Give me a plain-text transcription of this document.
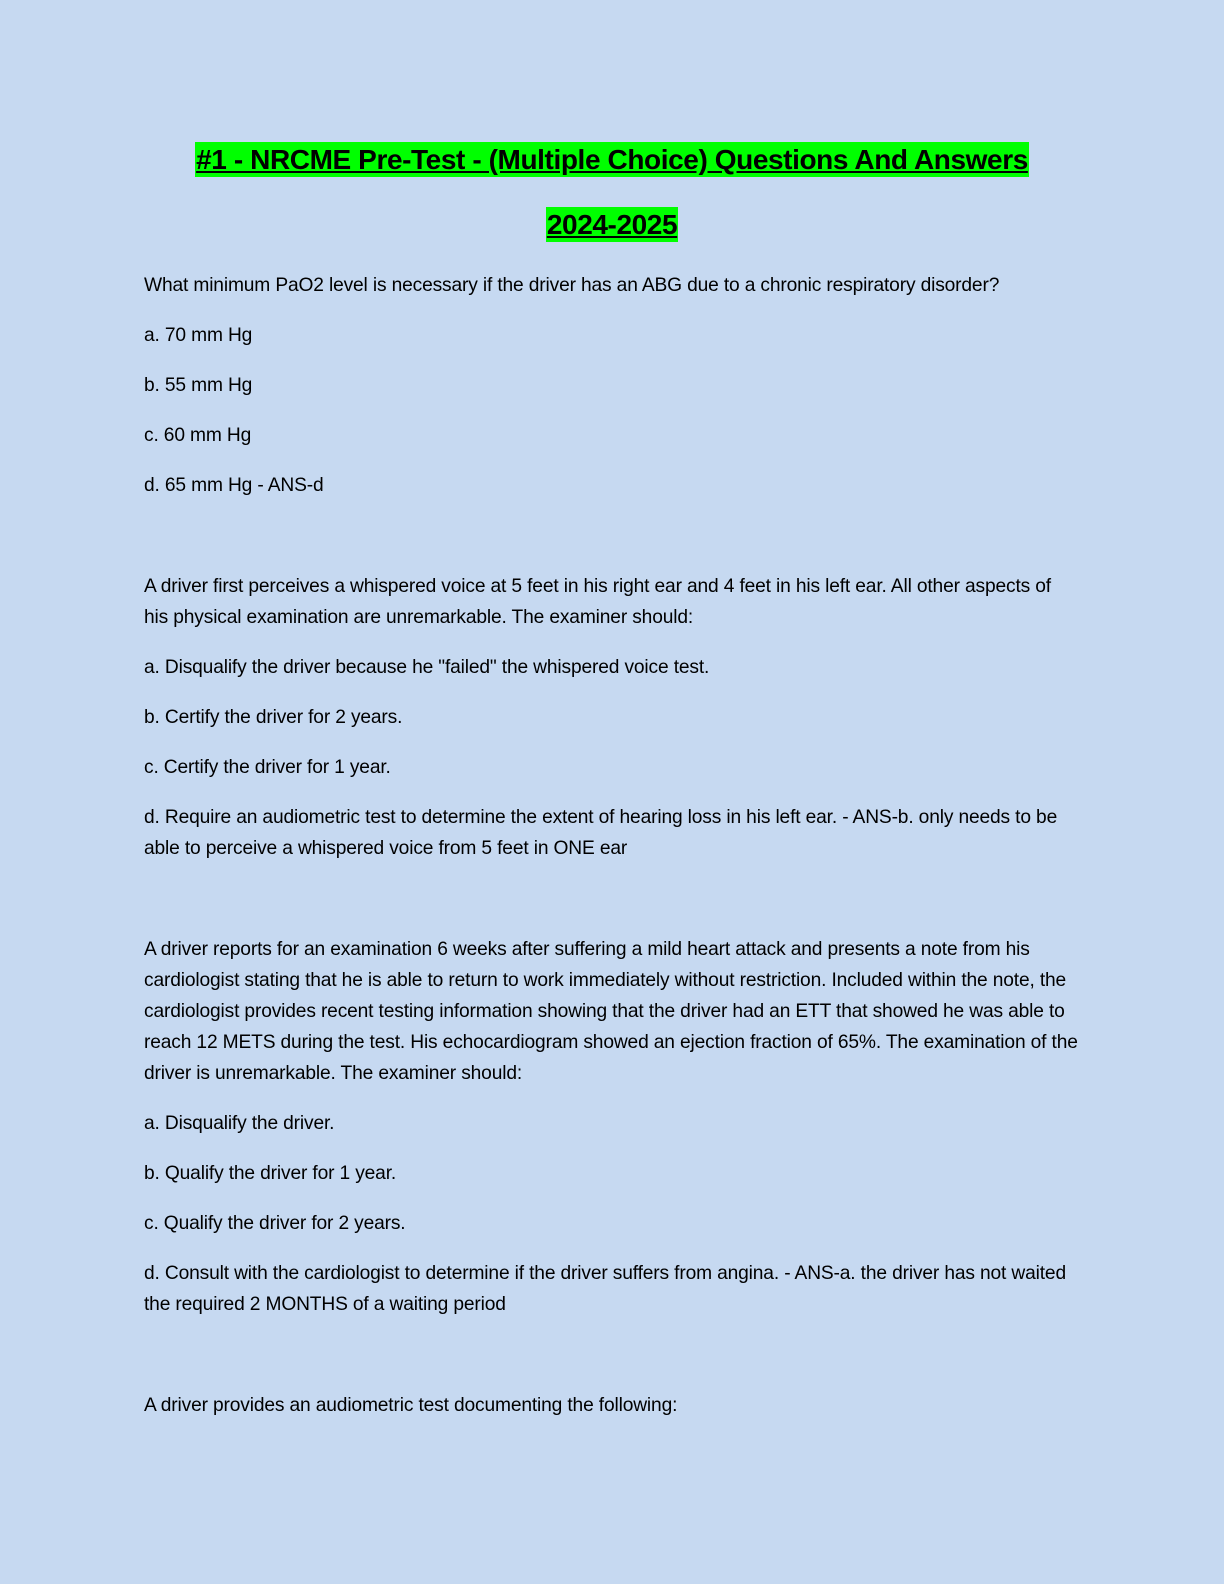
#1 - NRCME Pre-Test - (Multiple Choice) Questions And Answers
2024-2025

What minimum PaO2 level is necessary if the driver has an ABG due to a chronic respiratory disorder?

a. 70 mm Hg

b. 55 mm Hg

c. 60 mm Hg

d. 65 mm Hg - ANS-d

A driver first perceives a whispered voice at 5 feet in his right ear and 4 feet in his left ear. All other aspects of his physical examination are unremarkable. The examiner should:

a. Disqualify the driver because he "failed" the whispered voice test.

b. Certify the driver for 2 years.

c. Certify the driver for 1 year.

d. Require an audiometric test to determine the extent of hearing loss in his left ear. - ANS-b. only needs to be able to perceive a whispered voice from 5 feet in ONE ear

A driver reports for an examination 6 weeks after suffering a mild heart attack and presents a note from his cardiologist stating that he is able to return to work immediately without restriction. Included within the note, the cardiologist provides recent testing information showing that the driver had an ETT that showed he was able to reach 12 METS during the test. His echocardiogram showed an ejection fraction of 65%. The examination of the driver is unremarkable. The examiner should:

a. Disqualify the driver.

b. Qualify the driver for 1 year.

c. Qualify the driver for 2 years.

d. Consult with the cardiologist to determine if the driver suffers from angina. - ANS-a. the driver has not waited the required 2 MONTHS of a waiting period

A driver provides an audiometric test documenting the following:
